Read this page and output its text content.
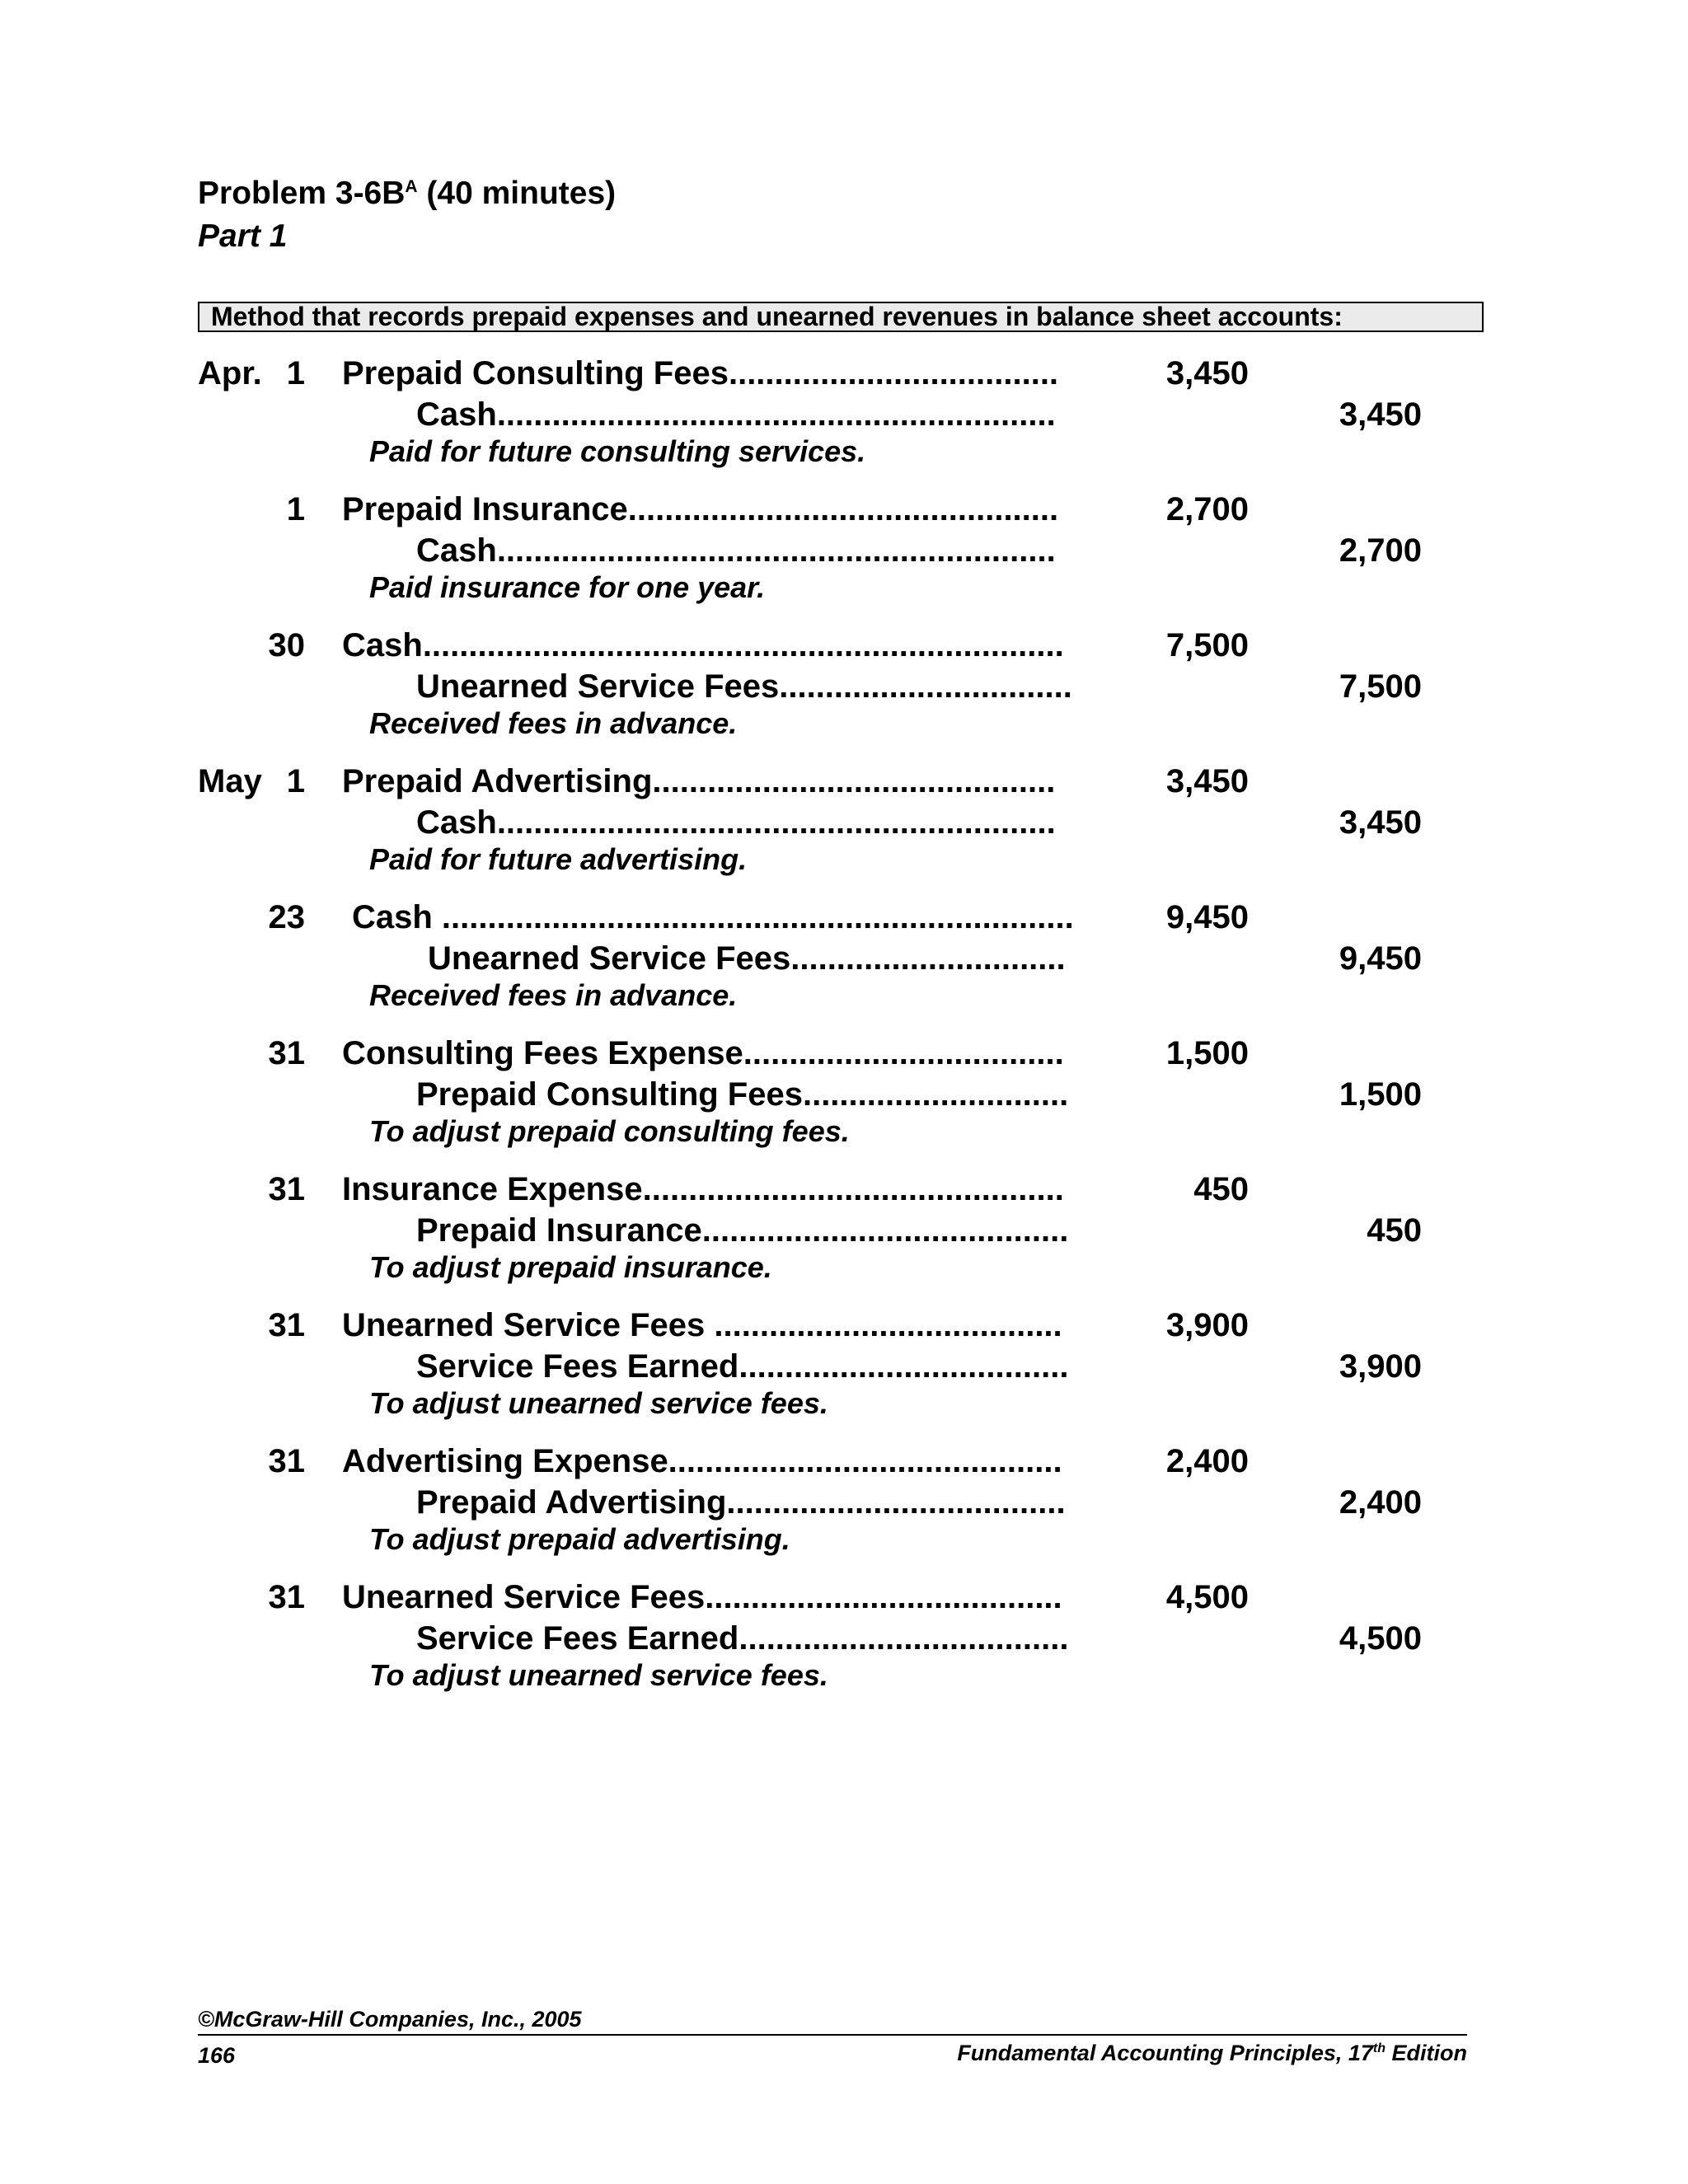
Problem $3-6B^A$ (40 minutes)
Part 1
Method that records prepaid expenses and unearned revenues in balance sheet accounts:
Apr. 1 Prepaid Consulting Fees....................................	3,450
Cash.............................................................	3,450
Paid for future consulting services.
1 Prepaid Insurance...............................................	2,700
Cash.............................................................	2,700
Paid insurance for one year.
30 Cash......................................................................	7,500
Unearned Service Fees................................	7,500
Received fees in advance.
May 1 Prepaid Advertising............................................	3,450
Cash.............................................................	3,450
Paid for future advertising.
23 Cash .....................................................................	9,450
Unearned Service Fees..............................	9,450
Received fees in advance.
31 Consulting Fees Expense...................................	1,500
Prepaid Consulting Fees.............................	1,500
To adjust prepaid consulting fees.
31 Insurance Expense..............................................	450
Prepaid Insurance........................................	450
To adjust prepaid insurance.
31 Unearned Service Fees ......................................	3,900
Service Fees Earned....................................	3,900
To adjust unearned service fees.
31 Advertising Expense...........................................	2,400
Prepaid Advertising.....................................	2,400
To adjust prepaid advertising.
31 Unearned Service Fees.......................................	4,500
Service Fees Earned....................................	4,500
To adjust unearned service fees.
©McGraw-Hill Companies, Inc., 2005
166	Fundamental Accounting Principles, 17th Edition
